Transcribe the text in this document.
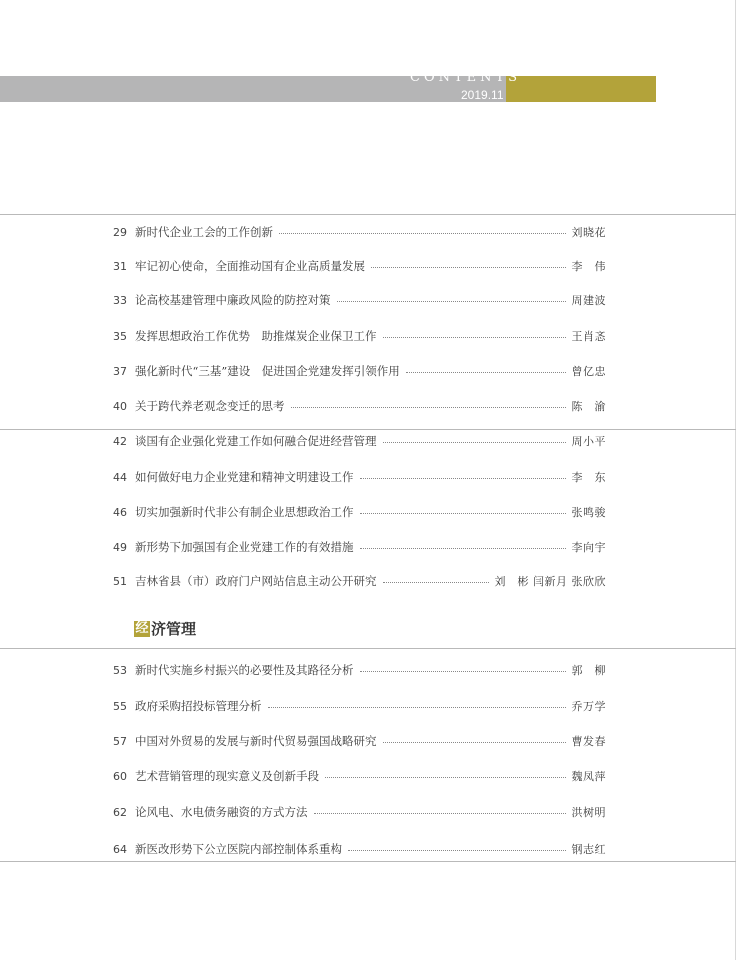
CONTENTS
2019.11
29 新时代企业工会的工作创新	刘晓花
31 牢记初心使命，全面推动国有企业高质量发展	李　伟
33 论高校基建管理中廉政风险的防控对策	周建波
35 发挥思想政治工作优势　助推煤炭企业保卫工作	王肖忞
37 强化新时代“三基”建设　促进国企党建发挥引领作用	曾亿忠
40 关于跨代养老观念变迁的思考	陈　渝
42 谈国有企业强化党建工作如何融合促进经营管理	周小平
44 如何做好电力企业党建和精神文明建设工作	李　东
46 切实加强新时代非公有制企业思想政治工作	张鸣骏
49 新形势下加强国有企业党建工作的有效措施	李向宇
51 吉林省县（市）政府门户网站信息主动公开研究	刘　彬 闫新月 张欣欣
经 济管理
53 新时代实施乡村振兴的必要性及其路径分析	郭　柳
55 政府采购招投标管理分析	乔万学
57 中国对外贸易的发展与新时代贸易强国战略研究	曹发春
60 艺术营销管理的现实意义及创新手段	魏凤萍
62 论风电、水电债务融资的方式方法	洪树明
64 新医改形势下公立医院内部控制体系重构	钢志红
